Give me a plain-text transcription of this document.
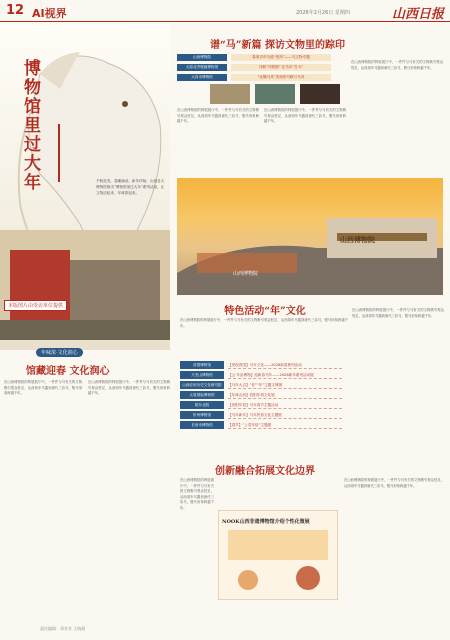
12 AI视界	2026年2月26日 星期四	山西日报
博物馆里过大年	千帆竞发，春潮涌动。新年伊始，山西各大博物馆推出“博物馆里过大年”系列活动，让文物活起来、年味浓起来。
本版图片由受访单位提供
谱“马”新篇 探访文物里的踪印
山西博物院	春颂吉年马道“晋风”——马文物专题
太原北齐壁画博物馆	马鞍“马骏图” 在马年“打卡”
大同市博物馆	“北魏马具”发现的马鞍与马具
在山西博物院的特展展厅中，一件件与马有关的文物吸引观众驻足，从西周车马器到唐代三彩马，骏马形象跨越千年。
在山西博物院的特展展厅中，一件件与马有关的文物吸引观众驻足，从西周车马器到唐代三彩马，骏马形象跨越千年。
在山西博物院的特展展厅中，一件件与马有关的文物吸引观众驻足，从西周车马器到唐代三彩马，骏马形象跨越千年。
山西博物院
山西博物院
特色活动“年”文化
在山西博物院的特展展厅中，一件件与马有关的文物吸引观众驻足，从西周车马器到唐代三彩马，骏马形象跨越千年。
晋国博物馆	【发现晋国】马年文化——2026新春系列活动
天龙山博物馆	【云·年品博物】迎新春马年——2026新年系列活动展
山西应用历史文化研究院	【马年大吉】“晋”“年”主题文博展
太原国际博物馆	【年味山西】晋阳年俗文化展
陕东北院	【晋阳年俗】马年春节主题活动
忻州博物馆	【马年新年】马年民俗文化主题展
长治市博物馆	【春节】“上党年俗”主题展
在山西博物院的特展展厅中，一件件与马有关的文物吸引观众驻足，从西周车马器到唐代三彩马，骏马形象跨越千年。
年味浓·文化润心
馆藏迎春 文化润心
在山西博物院的特展展厅中，一件件与马有关的文物吸引观众驻足，从西周车马器到唐代三彩马，骏马形象跨越千年。
在山西博物院的特展展厅中，一件件与马有关的文物吸引观众驻足，从西周车马器到唐代三彩马，骏马形象跨越千年。
创新融合拓展文化边界
在山西博物院的特展展厅中，一件件与马有关的文物吸引观众驻足，从西周车马器到唐代三彩马，骏马形象跨越千年。
NOOK山西非遗博物馆介绍个性化策展
在山西博物院的特展展厅中，一件件与马有关的文物吸引观众驻足，从西周车马器到唐代三彩马，骏马形象跨越千年。
责任编辑：邓芳芳 王晓燕
